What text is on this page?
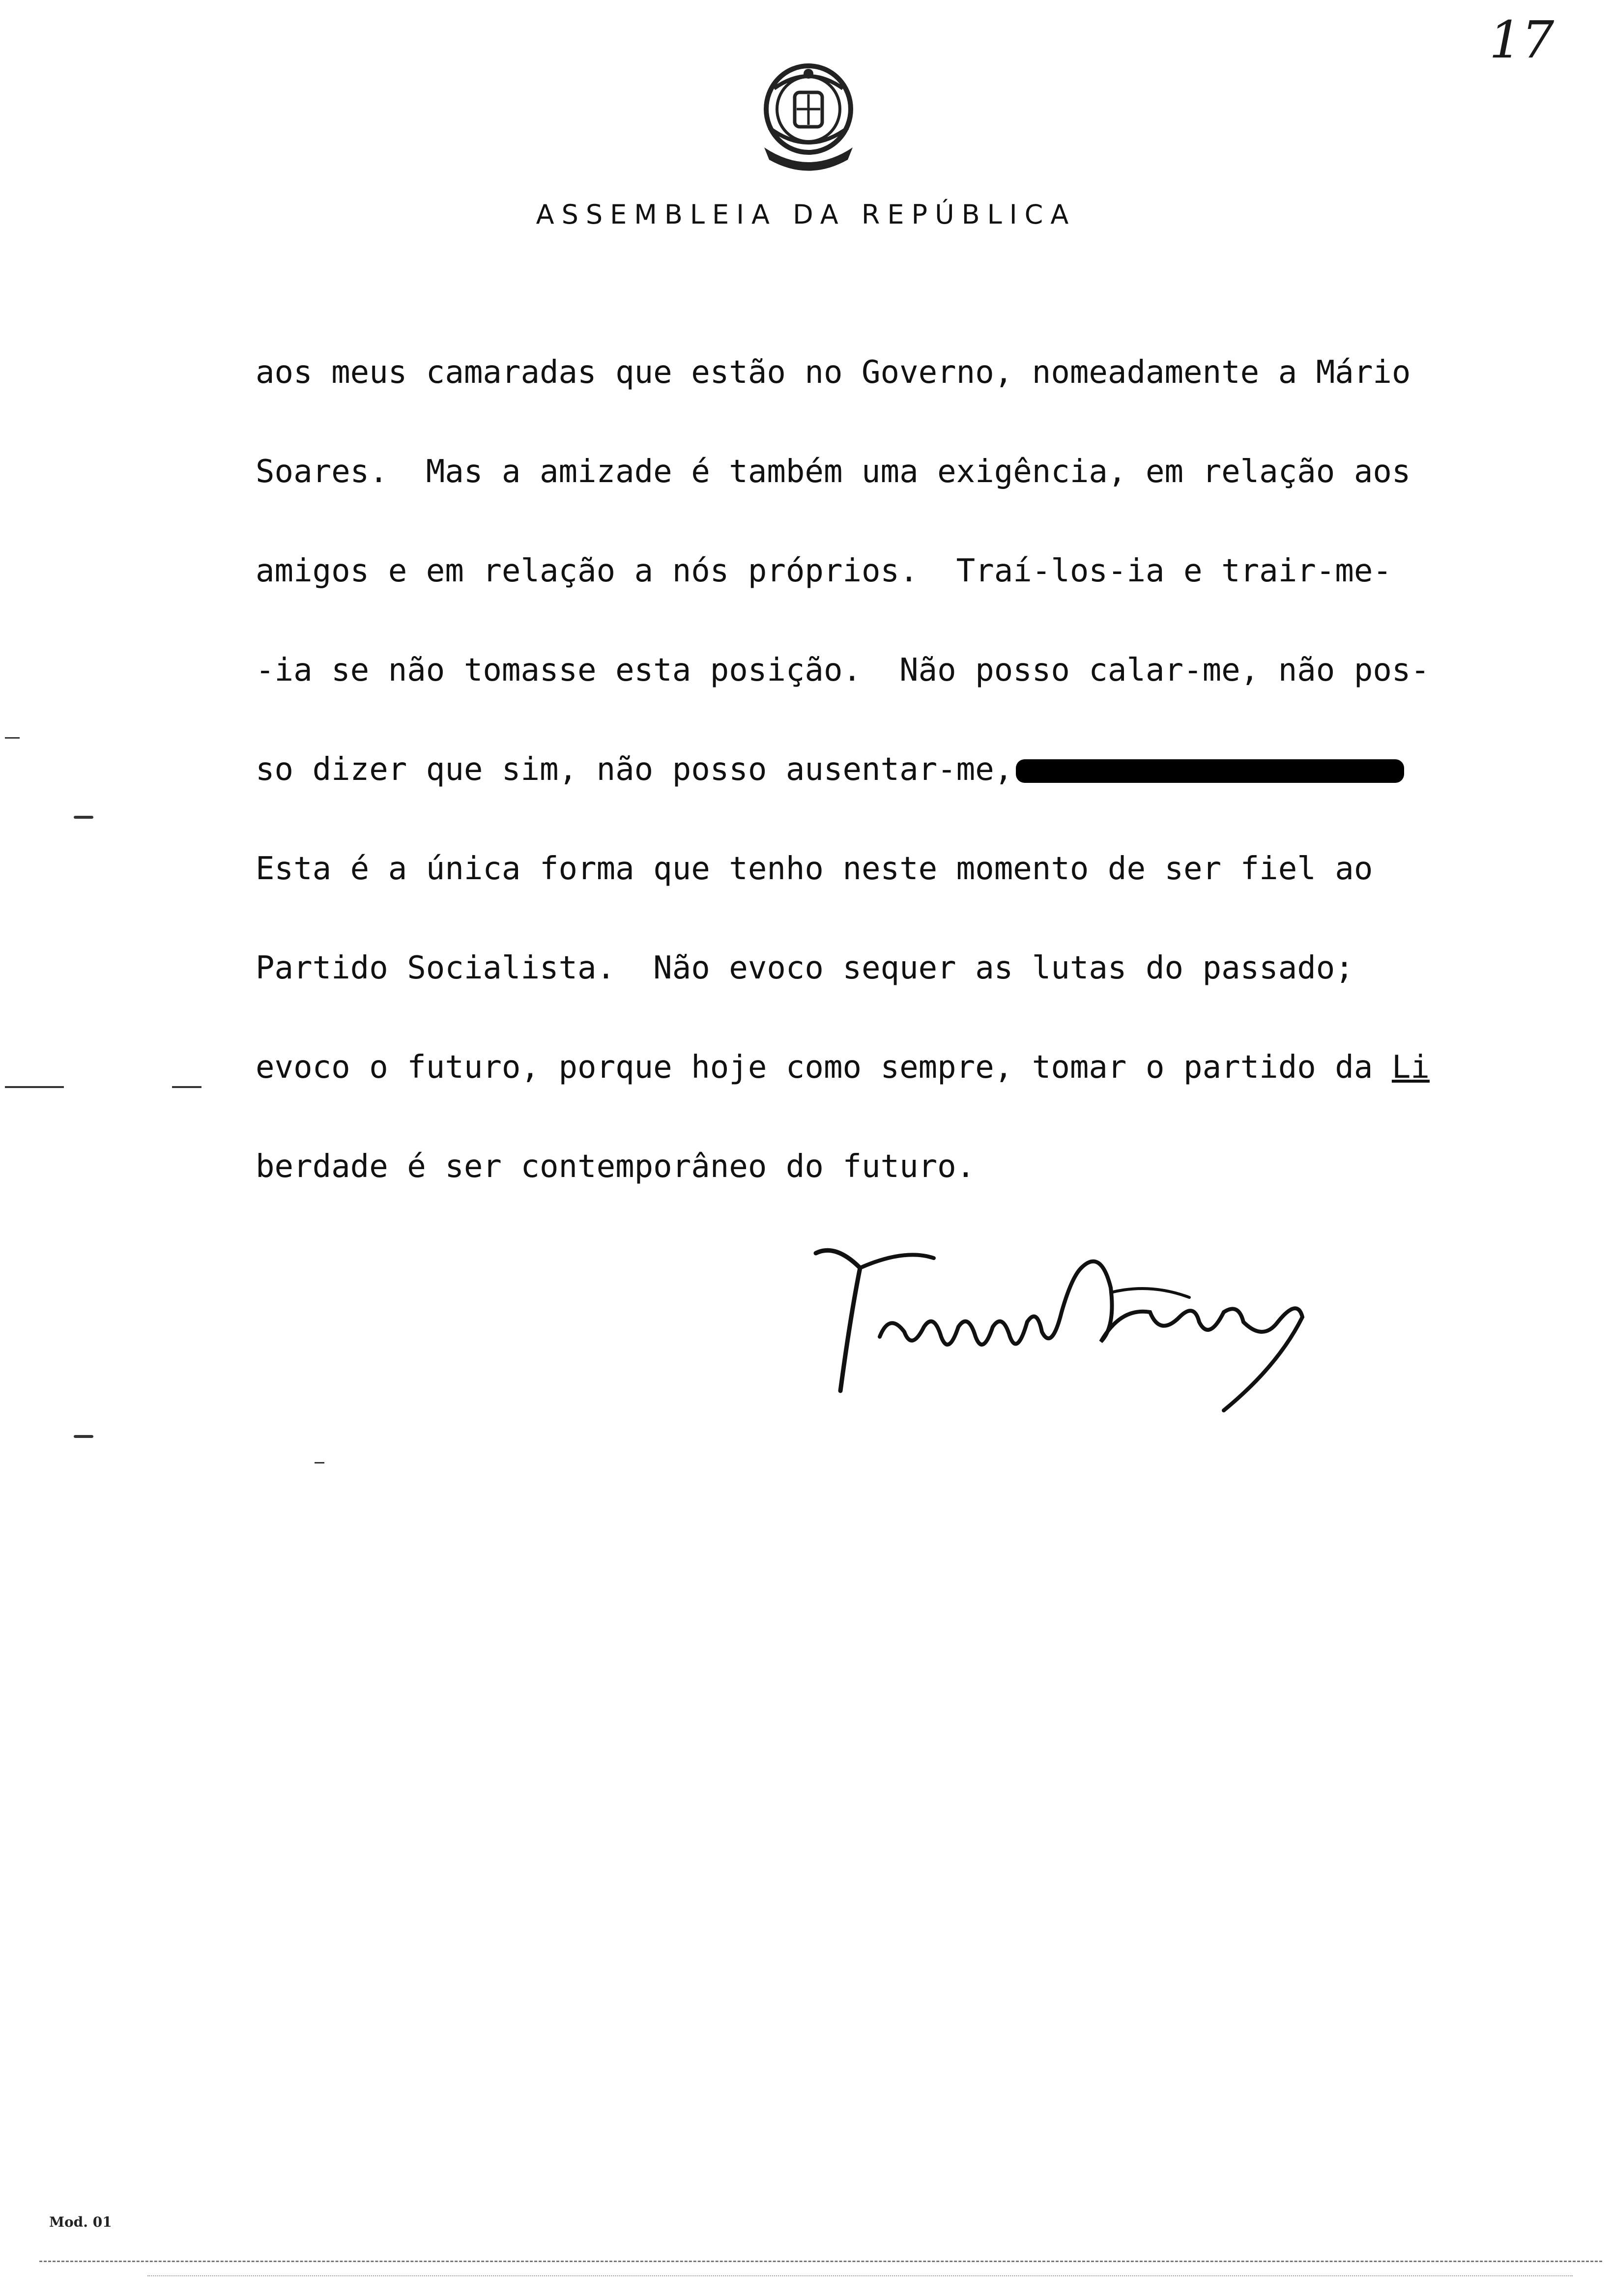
17
ASSEMBLEIA DA REPÚBLICA
aos meus camaradas que estão no Governo, nomeadamente a Mário
Soares.  Mas a amizade é também uma exigência, em relação aos
amigos e em relação a nós próprios.  Traí-los-ia e trair-me-
-ia se não tomasse esta posição.  Não posso calar-me, não pos-
so dizer que sim, não posso ausentar-me,
Esta é a única forma que tenho neste momento de ser fiel ao
Partido Socialista.  Não evoco sequer as lutas do passado;
evoco o futuro, porque hoje como sempre, tomar o partido da Li
berdade é ser contemporâneo do futuro.
Mod. 01
